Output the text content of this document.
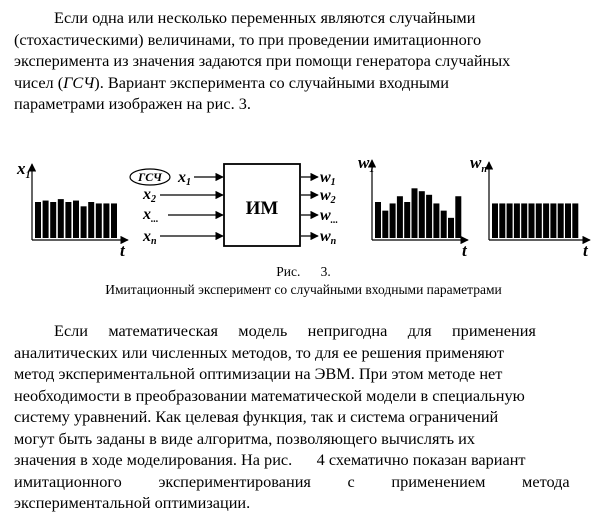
Если одна или несколько переменных являются случайными
(стохастическими) величинами, то при проведении имитационного
эксперимента из значения задаются при помощи генератора случайных
чисел (ГСЧ). Вариант эксперимента со случайными входными
параметрами изображен на рис. 3.
$x_1$
t
ГСЧ x1
x2
x...
xn
ИМ
w1
w2
w...
wn
$w_1$
t
$w_n$
t

Рис.      3.

Имитационный эксперимент со случайными входными параметрами

Если     математическая     модель     непригодна     для     применения
аналитических или численных методов, то для ее решения применяют
метод экспериментальной оптимизации на ЭВМ. При этом методе нет
необходимости в преобразовании математической модели в специальную
систему уравнений. Как целевая функция, так и система ограничений
могут быть заданы в виде алгоритма, позволяющего вычислять их
значения в ходе моделирования. На рис.      4 схематично показан вариант
имитационного         экспериментирования         с         применением         метода
экспериментальной оптимизации.
